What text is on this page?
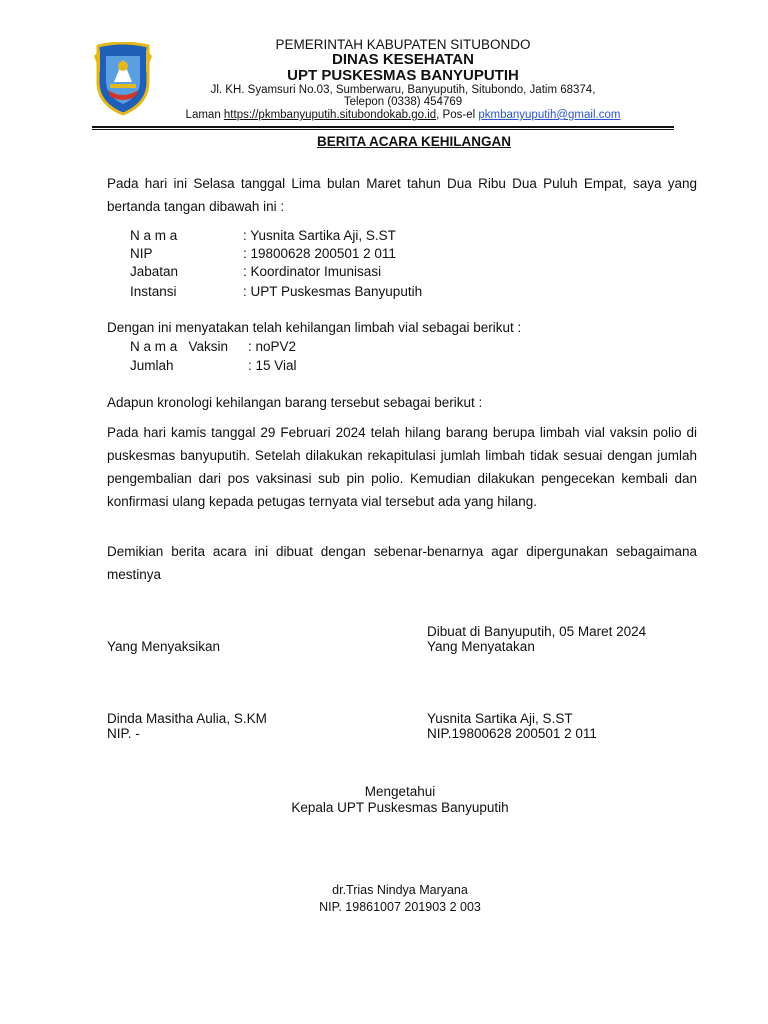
PEMERINTAH KABUPATEN SITUBONDO
DINAS KESEHATAN
UPT PUSKESMAS BANYUPUTIH
Jl. KH. Syamsuri No.03, Sumberwaru, Banyuputih, Situbondo, Jatim 68374,
Telepon (0338) 454769
Laman https://pkmbanyuputih.situbondokab.go.id, Pos-el pkmbanyuputih@gmail.com
BERITA ACARA KEHILANGAN
Pada hari ini Selasa tanggal Lima bulan Maret tahun Dua Ribu Dua Puluh Empat, saya yang bertanda tangan dibawah ini :
N a m a	: Yusnita Sartika Aji, S.ST
NIP	: 19800628 200501 2 011
Jabatan	: Koordinator Imunisasi
Instansi	: UPT Puskesmas Banyuputih
Dengan ini menyatakan telah kehilangan limbah vial sebagai berikut :
N a m a   Vaksin : noPV2
Jumlah	: 15 Vial
Adapun kronologi kehilangan barang tersebut sebagai berikut :
Pada hari kamis tanggal 29 Februari 2024 telah hilang barang berupa limbah vial vaksin polio di puskesmas banyuputih. Setelah dilakukan rekapitulasi jumlah limbah tidak sesuai dengan jumlah pengembalian dari pos vaksinasi sub pin polio. Kemudian dilakukan pengecekan kembali dan konfirmasi ulang kepada petugas ternyata vial tersebut ada yang hilang.
Demikian berita acara ini dibuat dengan sebenar-benarnya agar dipergunakan sebagaimana mestinya
Dibuat di Banyuputih, 05 Maret 2024
Yang Menyaksikan	Yang Menyatakan
Dinda Masitha Aulia, S.KM
NIP. -
Yusnita Sartika Aji, S.ST
NIP.19800628 200501 2 011
Mengetahui
Kepala UPT Puskesmas Banyuputih
dr.Trias Nindya Maryana
NIP. 19861007 201903 2 003
